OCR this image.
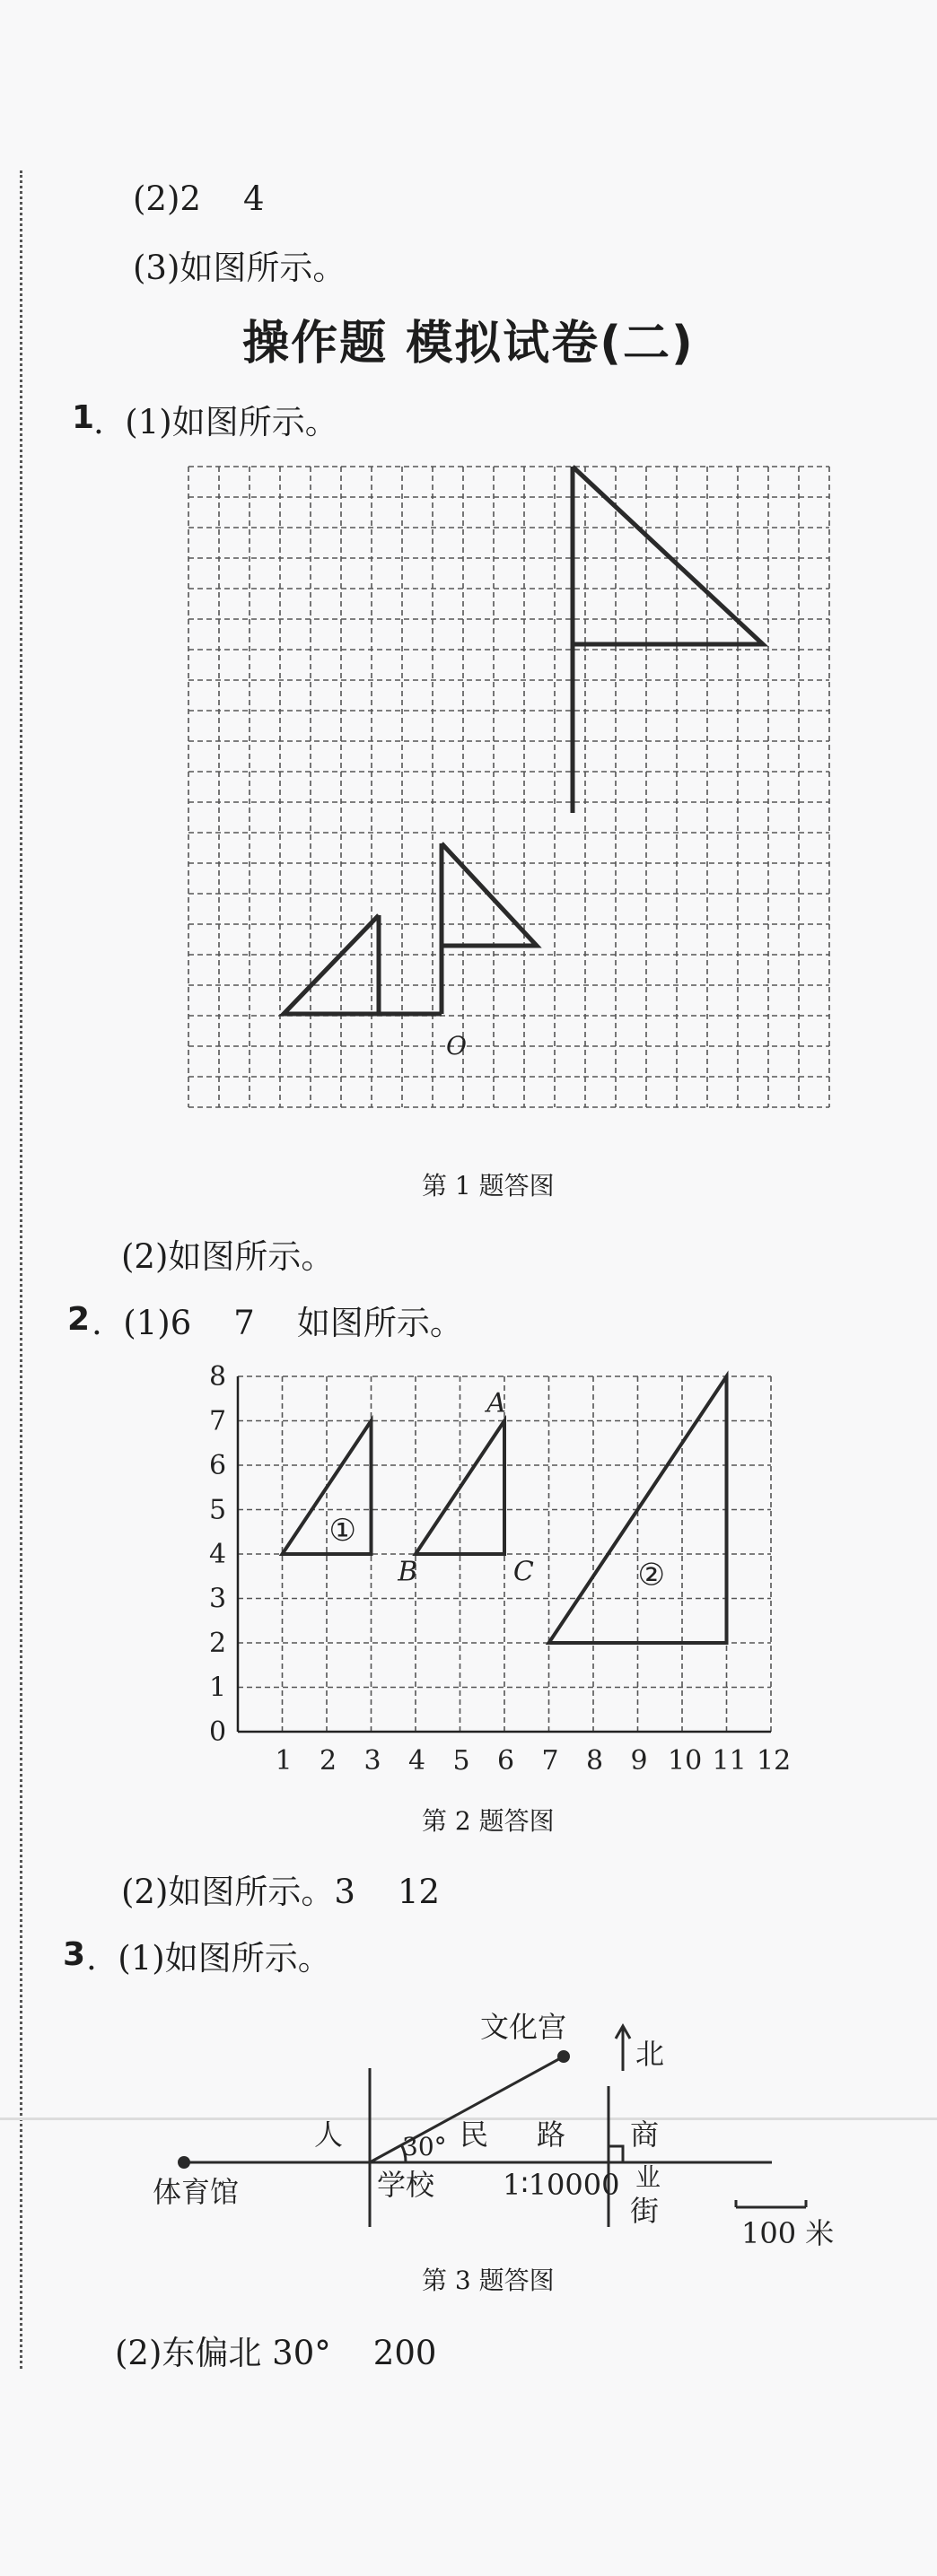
(2)2    4
(3)如图所示。
操作题 模拟试卷(二)
1
.  (1)如图所示。
O
第 1 题答图
(2)如图所示。
2 .  (1)6    7    如图所示。
1 2 3 4 5 6 7 8 9 10 11 12
0
1
2
3
4
5
6
7
8
A
B	C
①
②
第 2 题答图
(2)如图所示。3    12
3 .  (1)如图所示。
文化宫
北
人 30° 民 路 商
业
街
体育馆	学校 1∶10000
100 米
第 3 题答图
(2)东偏北 30°    200
